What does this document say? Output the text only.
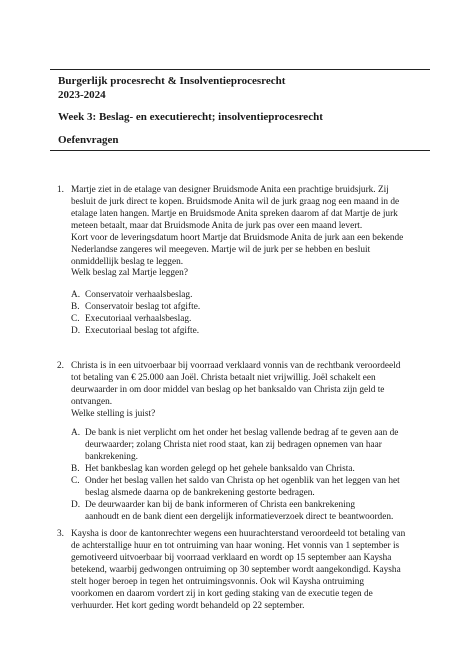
Burgerlijk procesrecht & Insolventieprocesrecht
2023-2024
Week 3: Beslag- en executierecht; insolventieprocesrecht
Oefenvragen
1. Martje ziet in de etalage van designer Bruidsmode Anita een prachtige bruidsjurk. Zij
besluit de jurk direct te kopen. Bruidsmode Anita wil de jurk graag nog een maand in de
etalage laten hangen. Martje en Bruidsmode Anita spreken daarom af dat Martje de jurk
meteen betaalt, maar dat Bruidsmode Anita de jurk pas over een maand levert.
Kort voor de leveringsdatum hoort Martje dat Bruidsmode Anita de jurk aan een bekende
Nederlandse zangeres wil meegeven. Martje wil de jurk per se hebben en besluit
onmiddellijk beslag te leggen.
Welk beslag zal Martje leggen?
A. Conservatoir verhaalsbeslag.
B. Conservatoir beslag tot afgifte.
C. Executoriaal verhaalsbeslag.
D. Executoriaal beslag tot afgifte.
2. Christa is in een uitvoerbaar bij voorraad verklaard vonnis van de rechtbank veroordeeld
tot betaling van € 25.000 aan Joël. Christa betaalt niet vrijwillig. Joël schakelt een
deurwaarder in om door middel van beslag op het banksaldo van Christa zijn geld te
ontvangen.
Welke stelling is juist?
A. De bank is niet verplicht om het onder het beslag vallende bedrag af te geven aan de
deurwaarder; zolang Christa niet rood staat, kan zij bedragen opnemen van haar
bankrekening.
B. Het bankbeslag kan worden gelegd op het gehele banksaldo van Christa.
C. Onder het beslag vallen het saldo van Christa op het ogenblik van het leggen van het
beslag alsmede daarna op de bankrekening gestorte bedragen.
D. De deurwaarder kan bij de bank informeren of Christa een bankrekening
aanhoudt en de bank dient een dergelijk informatieverzoek direct te beantwoorden.
3. Kaysha is door de kantonrechter wegens een huurachterstand veroordeeld tot betaling van
de achterstallige huur en tot ontruiming van haar woning. Het vonnis van 1 september is
gemotiveerd uitvoerbaar bij voorraad verklaard en wordt op 15 september aan Kaysha
betekend, waarbij gedwongen ontruiming op 30 september wordt aangekondigd. Kaysha
stelt hoger beroep in tegen het ontruimingsvonnis. Ook wil Kaysha ontruiming
voorkomen en daarom vordert zij in kort geding staking van de executie tegen de
verhuurder. Het kort geding wordt behandeld op 22 september.
